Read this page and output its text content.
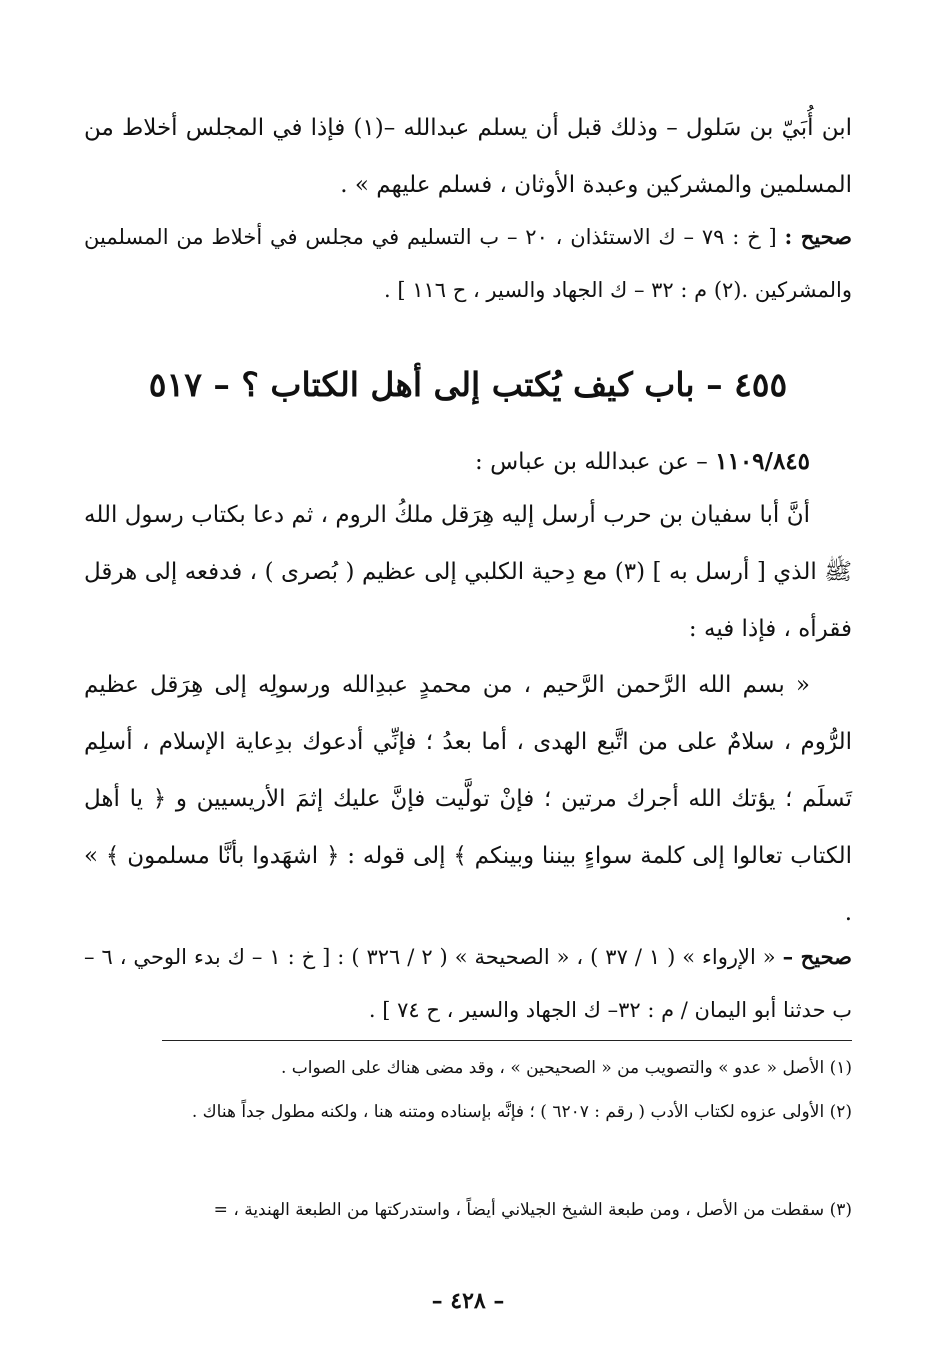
ابن أُبَيّ بن سَلول – وذلك قبل أن يسلم عبدالله –(١) فإذا في المجلس أخلاط من المسلمين والمشركين وعبدة الأوثان ، فسلم عليهم » .
صحيح : [ خ : ٧٩ – ك الاستئذان ، ٢٠ – ب التسليم في مجلس في أخلاط من المسلمين والمشركين .(٢) م : ٣٢ – ك الجهاد والسير ، ح ١١٦ ] .
٤٥٥ – باب كيف يُكتب إلى أهل الكتاب ؟ – ٥١٧
١١٠٩/٨٤٥ – عن عبدالله بن عباس :
أنَّ أبا سفيان بن حرب أرسل إليه هِرَقل ملكُ الروم ، ثم دعا بكتاب رسول الله ﷺ الذي [ أرسل به ] (٣) مع دِحية الكلبي إلى عظيم ( بُصرى ) ، فدفعه إلى هرقل فقرأه ، فإذا فيه :
« بسم الله الرَّحمن الرَّحيم ، من محمدٍ عبدِالله ورسولِه إلى هِرَقل عظيم الرُّوم ، سلامٌ على من اتَّبع الهدى ، أما بعدُ ؛ فإنِّي أدعوك بدِعاية الإسلام ، أسلِم تَسلَم ؛ يؤتك الله أجرك مرتين ؛ فإنْ تولَّيت فإنَّ عليك إثمَ الأريسيين و ﴿ يا أهل الكتاب تعالوا إلى كلمة سواءٍ بيننا وبينكم ﴾ إلى قوله : ﴿ اشهَدوا بأنَّا مسلمون ﴾ » .
صحيح – « الإرواء » ( ١ / ٣٧ ) ، « الصحيحة » ( ٢ / ٣٢٦ ) : [ خ : ١ – ك بدء الوحي ، ٦ – ب حدثنا أبو اليمان / م : ٣٢– ك الجهاد والسير ، ح ٧٤ ] .
(١) الأصل « عدو » والتصويب من « الصحيحين » ، وقد مضى هناك على الصواب .
(٢) الأولى عزوه لكتاب الأدب ( رقم : ٦٢٠٧ ) ؛ فإنَّه بإسناده ومتنه هنا ، ولكنه مطول جداً هناك .
(٣) سقطت من الأصل ، ومن طبعة الشيخ الجيلاني أيضاً ، واستدركتها من الطبعة الهندية ، =
– ٤٢٨ –
